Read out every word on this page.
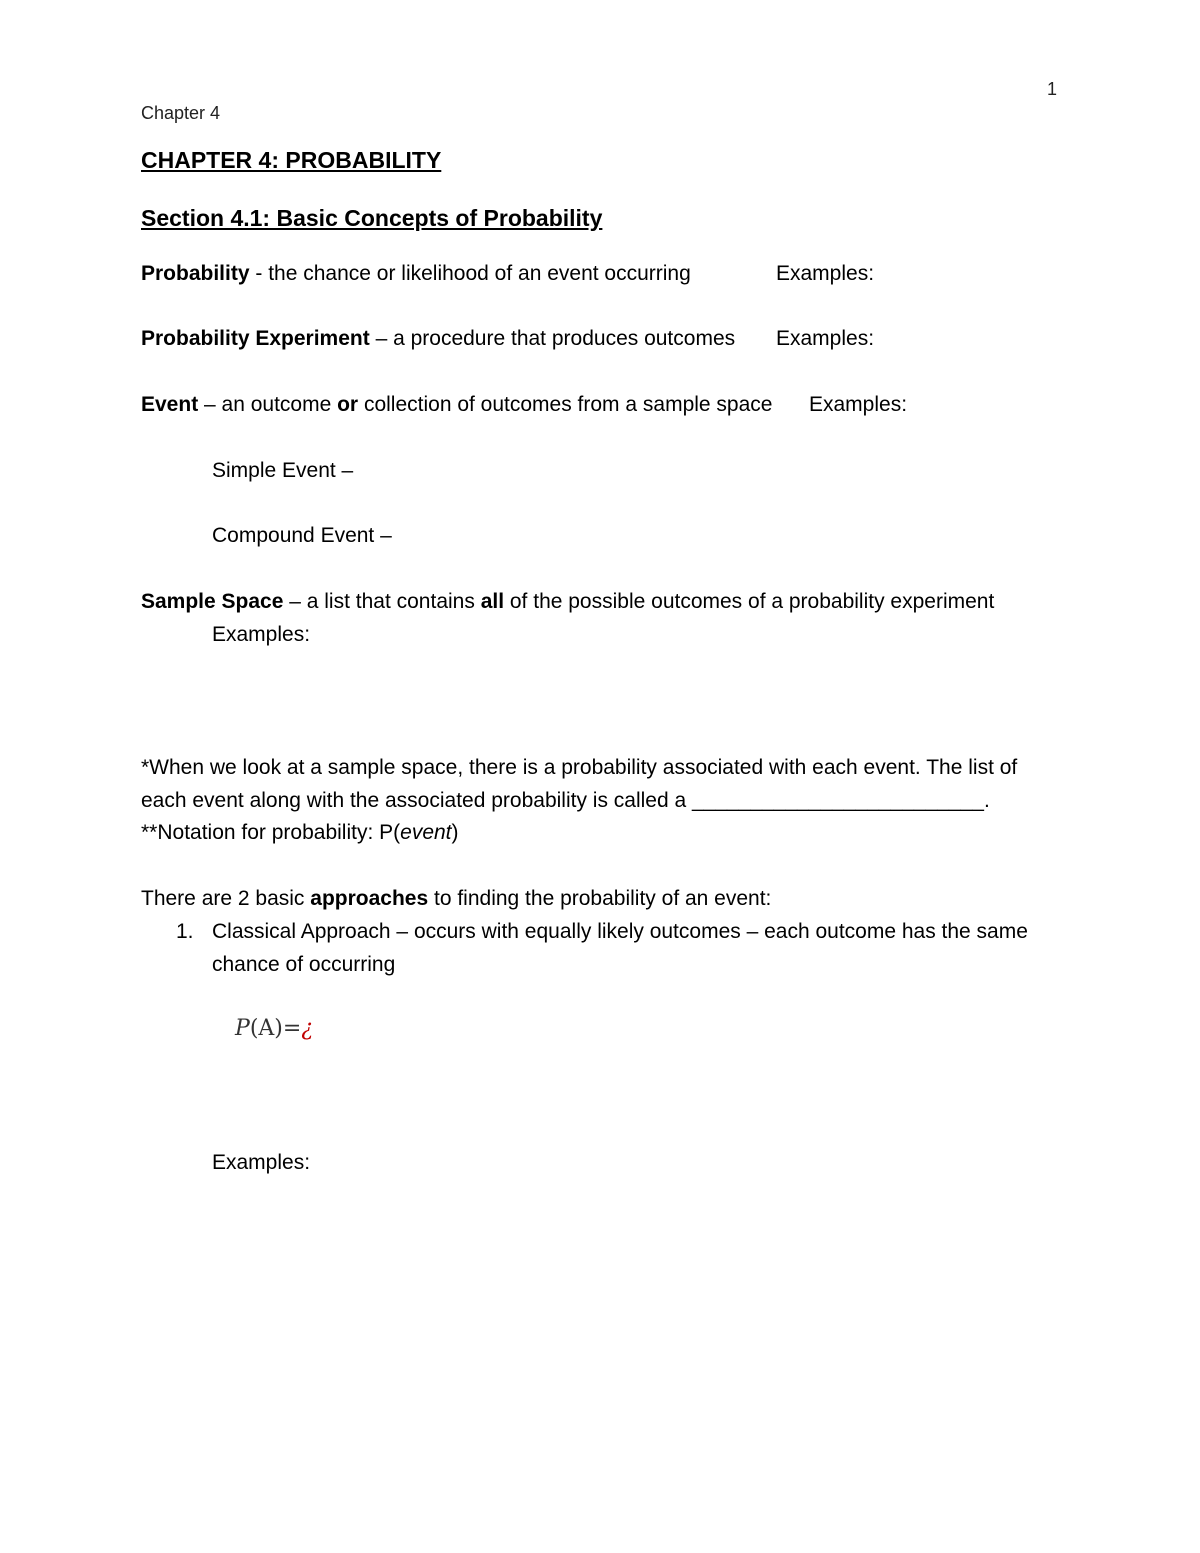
Chapter 4
1
CHAPTER 4: PROBABILITY
Section 4.1: Basic Concepts of Probability
Probability - the chance or likelihood of an event occurring	Examples:
Probability Experiment – a procedure that produces outcomes Examples:
Event – an outcome or collection of outcomes from a sample space Examples:
Simple Event –
Compound Event –
Sample Space – a list that contains all of the possible outcomes of a probability experiment
Examples:
*When we look at a sample space, there is a probability associated with each event. The list of
each event along with the associated probability is called a _________________________.
**Notation for probability: P(event)
There are 2 basic approaches to finding the probability of an event:
1. Classical Approach – occurs with equally likely outcomes – each outcome has the same
chance of occurring
P(A)=¿
Examples:
